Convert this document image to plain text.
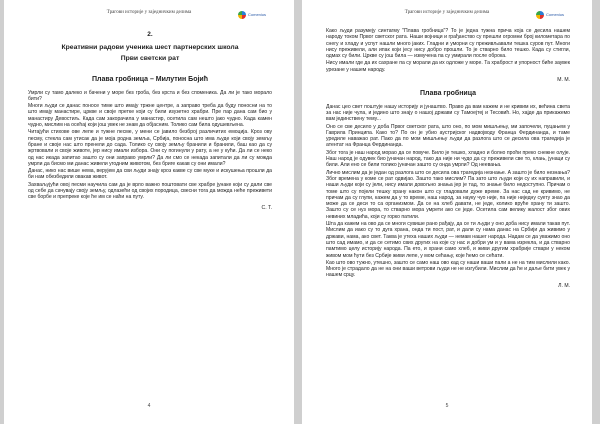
Трагови историје у заједничким делима	Comenius
2.
Креативни радови ученика шест партнерских школа
Први светски рат
Плава гробница – Милутин Бојић

Умрли су тамо далеко и бачени у море без гроба, без крста и без споменика. Да ли је тако морало бити?

Многи људи се данас поносе тиме што имају тржне центре, а заправо треба да буду поносни на то што имају манастире, цркве и своје претке који су били изузетно храбри. Пре пар дана сам био у манастиру Девостиљ. Када сам закорачила у манастир, осетила сам нешто јако чудно. Када камен чудно, мислим на осећај који још увек не знам да објасним. Толико сам била одушевљена.

Читајући стихове ове лепе и тужне песме, у мени се јавило безброј различитих емоција. Кроз ову песму, стекла сам утисак да је моја родна земља, Србија, поносна што има људе који своју земљу бране и своје нас што пренели до сада. Толико су своју земљу бранили и бранили, баш као да су жртвовали и своје животе, јер нису имали избора. Они су погинули у рату, а не у кући. Да ли се неко од нас икада запитао зашто су они заправо умрли? Да ли смо се некада запитали да ли су можда умрли да бисмо ми данас живели угодним животом, без бриге какав су они имали?

Данас, нико нас више нема, верујем да сви људи знају кроз какве су све муке и искушења прошли да би нам обезбедили овакав живот.

Захваљујући овој песми научила сам да је врло важно поштовати све храбре јунаке који су дали све од себе да сачувају своју земљу, одлазећи од својих породица, свесни тога да можда неће преживети све борбе и препреке које ће им се наћи на путу.

С. Т.
4
Трагови историје у заједничким делима	Comenius

Како људи разумеју синтагму "Плава гробница"? То је једна тужна прича која се десила нашем народу током Првог светског рата. Наши војници и грађанство су прешли огромни број километара по снегу и хладу и успут нашли много јаких. Гладни и уморни су преживљавали тешка суров пут. Многи нису преживели, али ипак који јесу нису добро прошли. То је стварно било тешко. Када су стигли, одмах су били. Цркве су још била — измучена па су умирали после оброка.

Нису имали где да их сахране па су морали да их одложе у море. Та храброст и упорност биће заувек урезане у нашем народу.

М. М.
Плава гробница

Данас цео свет поштује нашу историју и јунаштво. Право да вам кажем и не кривим их, већина света за нас није чула, и једино што знају о нашој држави су Тамоејтеј и Тесовић. Но, хајде да прикажемо вам јединствену тему...

Оно се све десило у доба Првог светског рата, што оно, по мом мишљењу, ми започели, пуцањем у Гаврила Принципа. Како то? По он је убио аустријског надвојводу Франца Фердинанда, и таме уредиле наважао рат. Пако да по мом мишљењу људи да разлога што се десила ова трагедија је атентат на Франца Фердинанда.

Због тога је наш народ морао да се повуче. Било је тешко, хладно и болно проћи преко снежне олује. Наш народ је одувек био јуначан народ, тако да није ни чудо да су преживели све то, клањ, јунаци су били. Али ено се били толико јуначан зашто су онда умрли? Од неевања.

Лично мислим да је један од разлога што се десила ова трагедија незнање. А зашто је било незнања? Због времена у коме се рат одвијао. Зашто тако мислим? Па зато што људи који су их направили, и наши људи који су јели, нису имали довољно знања јер је тад, то знање било недоступно. Причам о томе што су појели тешку храну након што су гладовали дуже време. За нас сад не кривимо, не причам да су глупи, кажем да у то време, наш народ, за науку чуо није, па није ниједну суету знао да може да се деси то са организмом. Да се на хлеб давати, не једе, колико вруће храну ти зашто. Зашто су се нуз мора, то стварно мора умрети ако се једе. Осетила сам велику жалост због ових невиних младића, који су горко патили.

Шта да кажем на ово да се многи сувише рано рађају, да се ти људи у оно доба нису имали такав пут. Мислим да иако су то дуга храна, онда ти пост, рат, и дали су нама данас на Србији да живимо у држави, нама, ако свет. Таква је утеха наших људи — немам нашег народа. Надам се да уважимо оно што сад имамо, и да се сетимо свих других на које су нас и добри ум и у вама изрекла, и да стварно памтимо целу историју народа. Па ето, и храни само хлеб, и живи другим храбрије ствари у неком живом мом ћути без Србије живи лепе, у мом сећању, које ћемо се сећати.

Као што ово тужно, утешно, зашто се само наш ово кад су наши ваши пали а не на тим мислили како. Много је страдало да не на они ваши ветрови људи не не изгубили. Мислим да ће и даље бити увек у нашем срцу.

Л. М.
5
